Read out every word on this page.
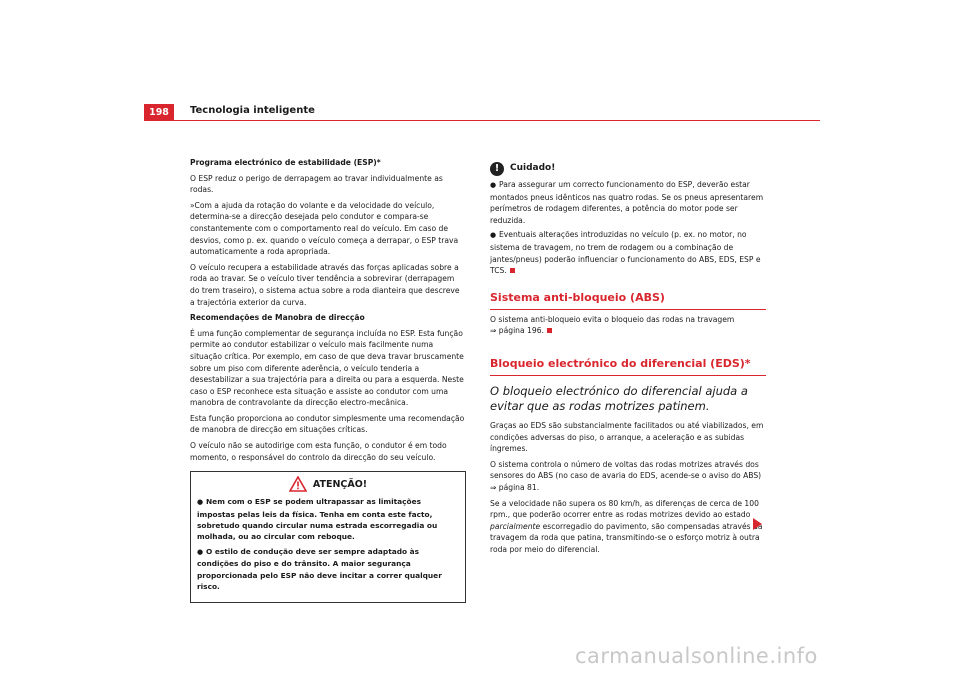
198	Tecnologia inteligente

Programa electrónico de estabilidade (ESP)*

O ESP reduz o perigo de derrapagem ao travar individualmente as rodas.

»Com a ajuda da rotação do volante e da velocidade do veículo, determina-se a direcção desejada pelo condutor e compara-se constantemente com o comportamento real do veículo. Em caso de desvios, como p. ex. quando o veículo começa a derrapar, o ESP trava automaticamente a roda apropriada.

O veículo recupera a estabilidade através das forças aplicadas sobre a roda ao travar. Se o veículo tiver tendência a sobrevirar (derrapagem do trem traseiro), o sistema actua sobre a roda dianteira que descreve a trajectória exterior da curva.

Recomendações de Manobra de direcção

É uma função complementar de segurança incluída no ESP. Esta função permite ao condutor estabilizar o veículo mais facilmente numa situação crítica. Por exemplo, em caso de que deva travar bruscamente sobre um piso com diferente aderência, o veículo tenderia a desestabilizar a sua trajectória para a direita ou para a esquerda. Neste caso o ESP reconhece esta situação e assiste ao condutor com uma manobra de contravolante da direcção electro-mecânica.

Esta função proporciona ao condutor simplesmente uma recomendação de manobra de direcção em situações críticas.

O veículo não se autodirige com esta função, o condutor é em todo momento, o responsável do controlo da direcção do seu veículo.

ATENÇÃO!
● Nem com o ESP se podem ultrapassar as limitações impostas pelas leis da física. Tenha em conta este facto, sobretudo quando circular numa estrada escorregadia ou molhada, ou ao circular com reboque.
● O estilo de condução deve ser sempre adaptado às condições do piso e do trânsito. A maior segurança proporcionada pelo ESP não deve incitar a correr qualquer risco.
!	Cuidado!
● Para assegurar um correcto funcionamento do ESP, deverão estar montados pneus idênticos nas quatro rodas. Se os pneus apresentarem perímetros de rodagem diferentes, a potência do motor pode ser reduzida.
● Eventuais alterações introduzidas no veículo (p. ex. no motor, no sistema de travagem, no trem de rodagem ou a combinação de jantes/pneus) poderão influenciar o funcionamento do ABS, EDS, ESP e TCS.
Sistema anti-bloqueio (ABS)

O sistema anti-bloqueio evita o bloqueio das rodas na travagem
⇒ página 196.

Bloqueio electrónico do diferencial (EDS)*
O bloqueio electrónico do diferencial ajuda a evitar que as rodas motrizes patinem.

Graças ao EDS são substancialmente facilitados ou até viabilizados, em condições adversas do piso, o arranque, a aceleração e as subidas íngremes.

O sistema controla o número de voltas das rodas motrizes através dos sensores do ABS (no caso de avaria do EDS, acende-se o aviso do ABS)
⇒ página 81.

Se a velocidade não supera os 80 km/h, as diferenças de cerca de 100 rpm., que poderão ocorrer entre as rodas motrizes devido ao estado parcialmente escorregadio do pavimento, são compensadas através da travagem da roda que patina, transmitindo-se o esforço motriz à outra roda por meio do diferencial.

carmanualsonline.info
